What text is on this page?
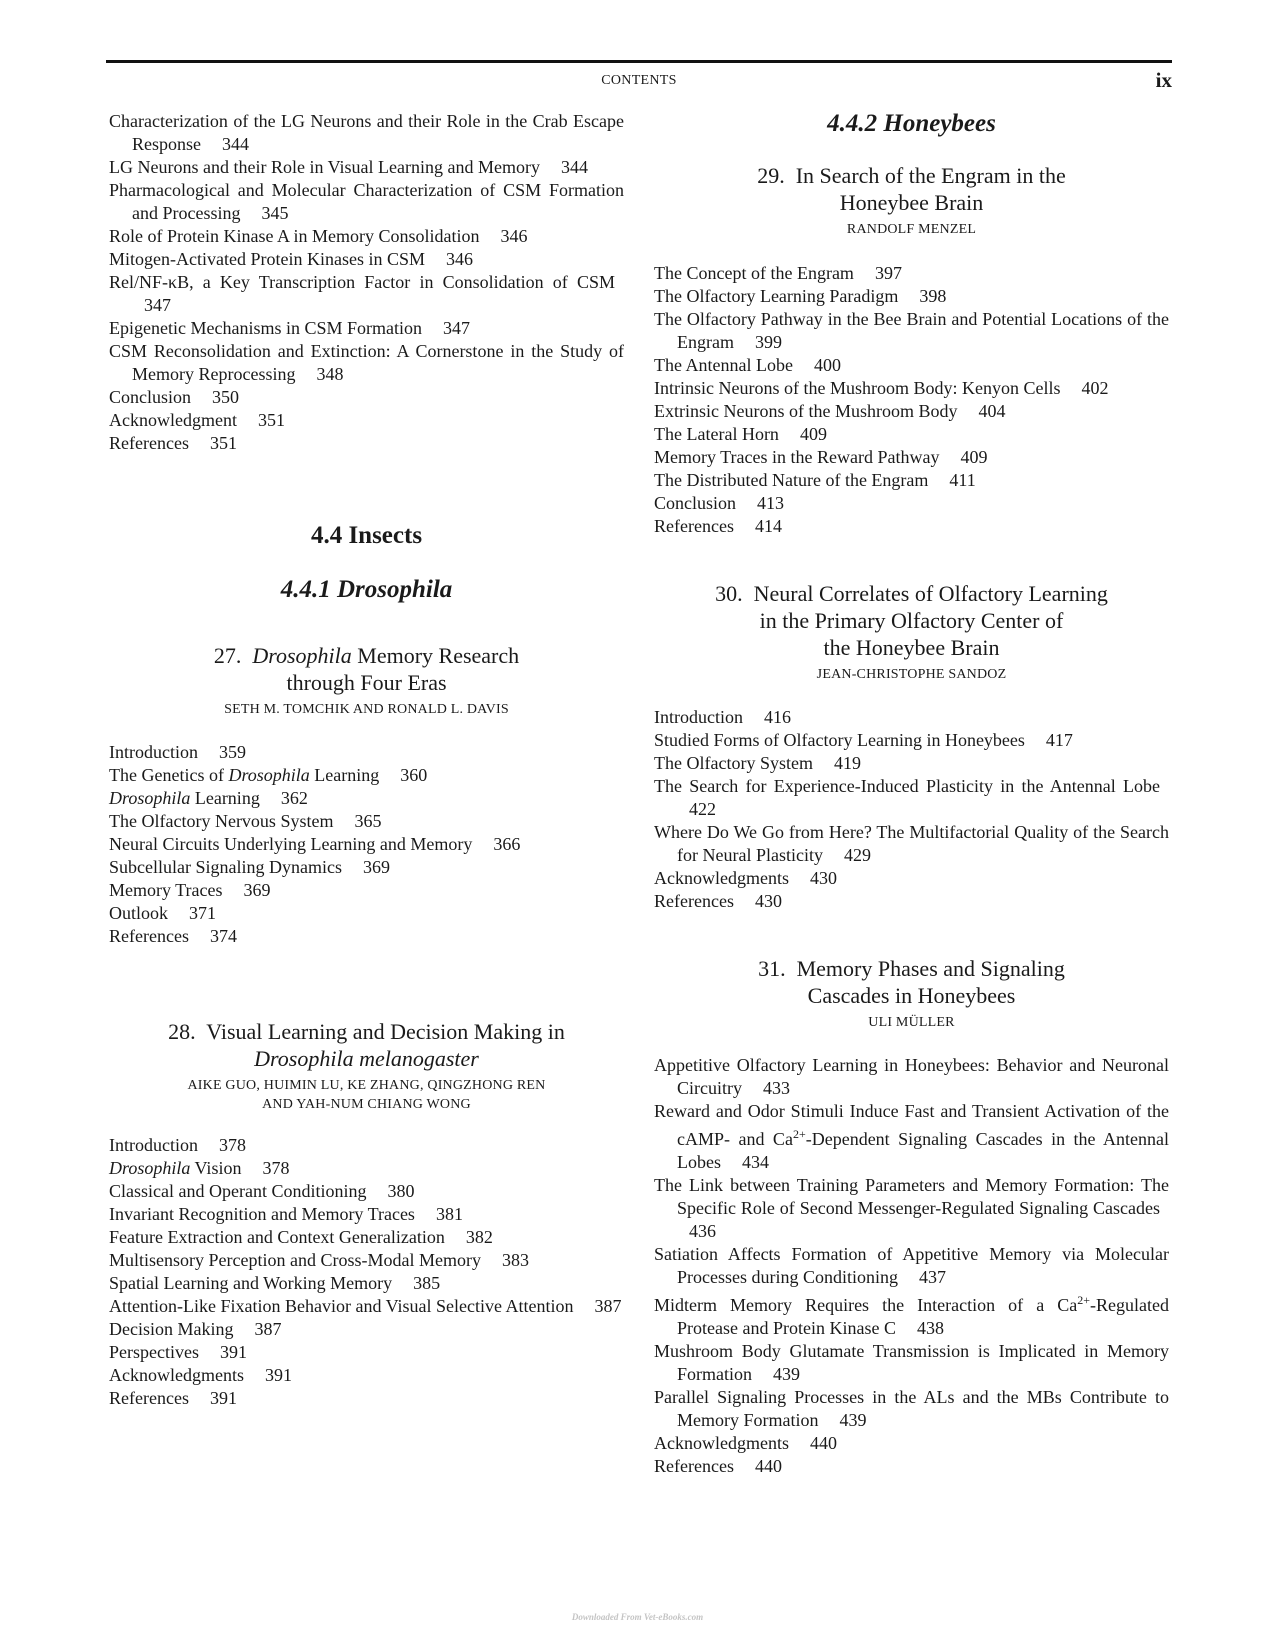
CONTENTS	ix
Characterization of the LG Neurons and their Role in the Crab Escape Response  344
LG Neurons and their Role in Visual Learning and Memory  344
Pharmacological and Molecular Characterization of CSM Formation and Processing  345
Role of Protein Kinase A in Memory Consolidation  346
Mitogen-Activated Protein Kinases in CSM  346
Rel/NF-κB, a Key Transcription Factor in Consolidation of CSM 347
Epigenetic Mechanisms in CSM Formation  347
CSM Reconsolidation and Extinction: A Cornerstone in the Study of Memory Reprocessing  348
Conclusion  350
Acknowledgment  351
References  351
4.4 Insects
4.4.1 Drosophila
27. Drosophila Memory Research
through Four Eras
SETH M. TOMCHIK AND RONALD L. DAVIS
Introduction  359
The Genetics of Drosophila Learning  360
Drosophila Learning  362
The Olfactory Nervous System  365
Neural Circuits Underlying Learning and Memory  366
Subcellular Signaling Dynamics  369
Memory Traces  369
Outlook  371
References  374
28. Visual Learning and Decision Making in
Drosophila melanogaster
AIKE GUO, HUIMIN LU, KE ZHANG, QINGZHONG REN
AND YAH-NUM CHIANG WONG
Introduction  378
Drosophila Vision  378
Classical and Operant Conditioning  380
Invariant Recognition and Memory Traces  381
Feature Extraction and Context Generalization  382
Multisensory Perception and Cross-Modal Memory  383
Spatial Learning and Working Memory  385
Attention-Like Fixation Behavior and Visual Selective Attention  387
Decision Making  387
Perspectives  391
Acknowledgments  391
References  391
4.4.2 Honeybees
29. In Search of the Engram in the
Honeybee Brain
RANDOLF MENZEL
The Concept of the Engram  397
The Olfactory Learning Paradigm  398
The Olfactory Pathway in the Bee Brain and Potential Locations of the Engram  399
The Antennal Lobe  400
Intrinsic Neurons of the Mushroom Body: Kenyon Cells  402
Extrinsic Neurons of the Mushroom Body  404
The Lateral Horn  409
Memory Traces in the Reward Pathway  409
The Distributed Nature of the Engram  411
Conclusion  413
References  414
30. Neural Correlates of Olfactory Learning
in the Primary Olfactory Center of
the Honeybee Brain
JEAN-CHRISTOPHE SANDOZ
Introduction  416
Studied Forms of Olfactory Learning in Honeybees  417
The Olfactory System  419
The Search for Experience-Induced Plasticity in the Antennal Lobe 422
Where Do We Go from Here? The Multifactorial Quality of the Search for Neural Plasticity  429
Acknowledgments  430
References  430
31. Memory Phases and Signaling
Cascades in Honeybees
ULI MÜLLER
Appetitive Olfactory Learning in Honeybees: Behavior and Neuronal Circuitry  433
Reward and Odor Stimuli Induce Fast and Transient Activation of the cAMP- and $Ca^{2+}$-Dependent Signaling Cascades in the Antennal Lobes  434
The Link between Training Parameters and Memory Formation: The Specific Role of Second Messenger-Regulated Signaling Cascades 436
Satiation Affects Formation of Appetitive Memory via Molecular Processes during Conditioning  437
Midterm Memory Requires the Interaction of a $Ca^{2+}$-Regulated Protease and Protein Kinase C  438
Mushroom Body Glutamate Transmission is Implicated in Memory Formation  439
Parallel Signaling Processes in the ALs and the MBs Contribute to Memory Formation  439
Acknowledgments  440
References  440
Downloaded From Vet-eBooks.com
